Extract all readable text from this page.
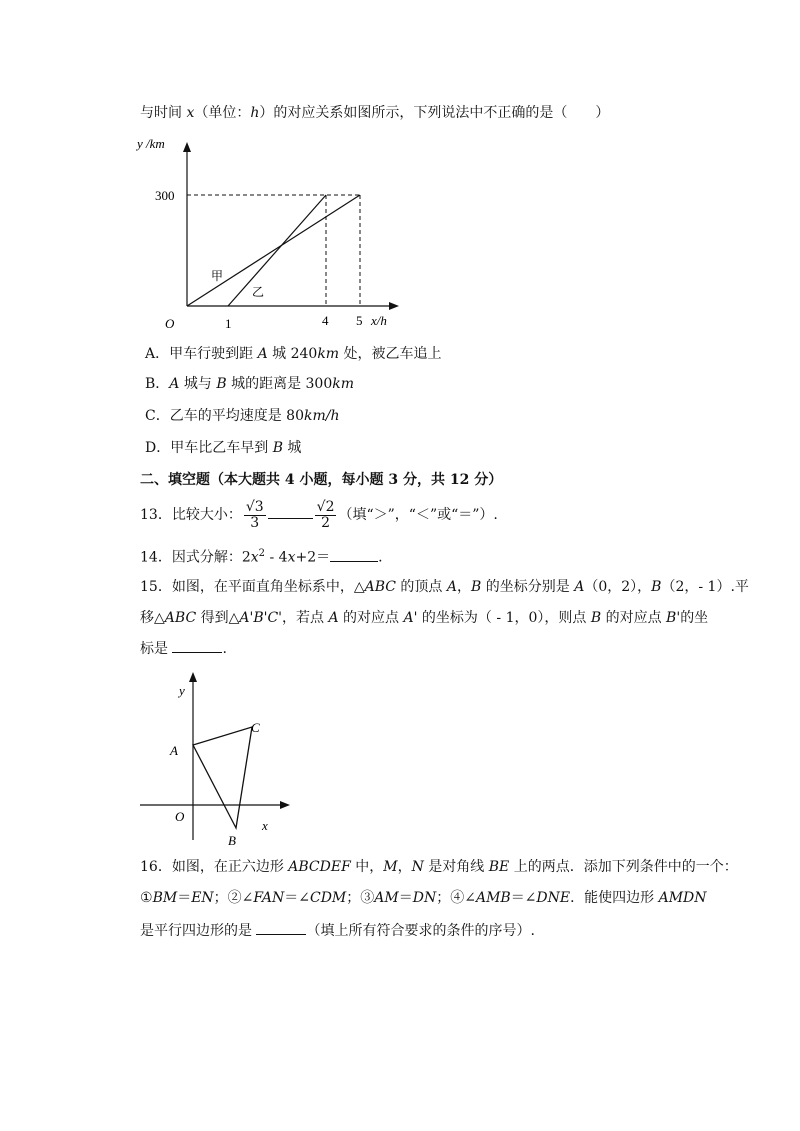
与时间 x（单位：h）的对应关系如图所示，下列说法中不正确的是（　　）
y /km
O
300
1	4 5 x/h
甲
乙
A．甲车行驶到距 A 城 240km 处，被乙车追上
B．A 城与 B 城的距离是 300km
C．乙车的平均速度是 80km/h
D．甲车比乙车早到 B 城
二、填空题（本大题共 4 小题，每小题 3 分，共 12 分）
13．比较大小： $\frac{√3}{3}$	$\frac{√2}{2}$ （填“＞”，“＜”或“＝”）.
14．因式分解：$2x^2 - 4x+2=$	.
15．如图，在平面直角坐标系中，△ABC 的顶点 A，B 的坐标分别是 A（0，2），B（2，- 1）.平
移△ABC 得到△A'B'C'，若点 A 的对应点 A' 的坐标为（ - 1，0），则点 B 的对应点 B'的坐
标是	.
y
x
O
A
B
C
16．如图，在正六边形 ABCDEF 中，M，N 是对角线 BE 上的两点．添加下列条件中的一个：
①BM＝EN；②∠FAN＝∠CDM；③AM＝DN；④∠AMB＝∠DNE．能使四边形 AMDN
是平行四边形的是	（填上所有符合要求的条件的序号）.
